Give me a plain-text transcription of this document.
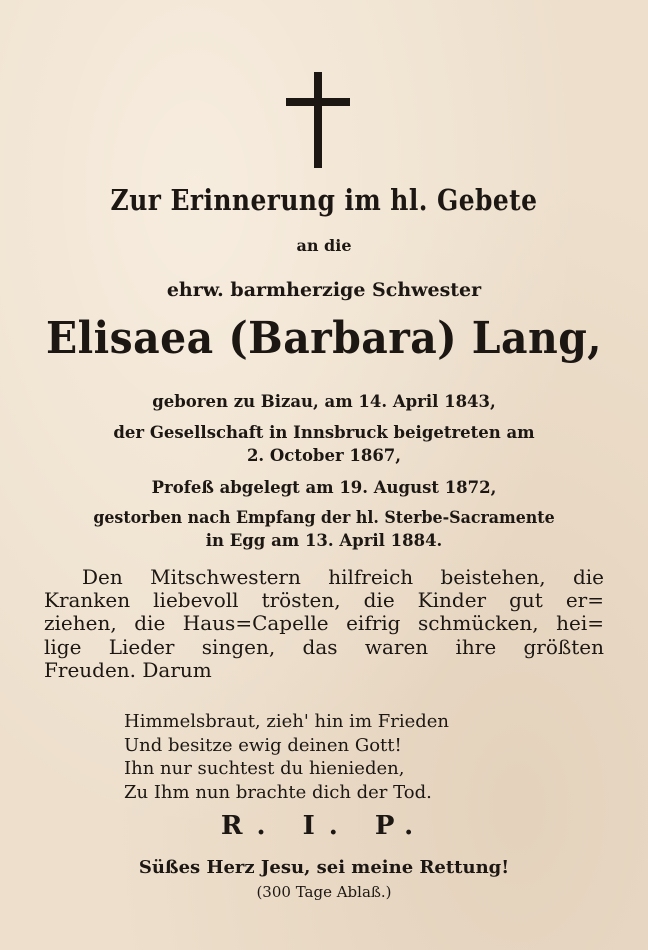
Zur Erinnerung im hl. Gebete
an die
ehrw. barmherzige Schwester
Elisaea (Barbara) Lang,
geboren zu Bizau, am 14. April 1843,
der Gesellschaft in Innsbruck beigetreten am
2. October 1867,
Profeß abgelegt am 19. August 1872,
gestorben nach Empfang der hl. Sterbe-Sacramente
in Egg am 13. April 1884.
Den Mitschwestern hilfreich beistehen, die
Kranken liebevoll trösten, die Kinder gut er=
ziehen, die Haus=Capelle eifrig schmücken, hei=
lige Lieder singen, das waren ihre größten
Freuden. Darum
Himmelsbraut, zieh' hin im Frieden
Und besitze ewig deinen Gott!
Ihn nur suchtest du hienieden,
Zu Ihm nun brachte dich der Tod.
R. I. P.
Süßes Herz Jesu, sei meine Rettung!
(300 Tage Ablaß.)
